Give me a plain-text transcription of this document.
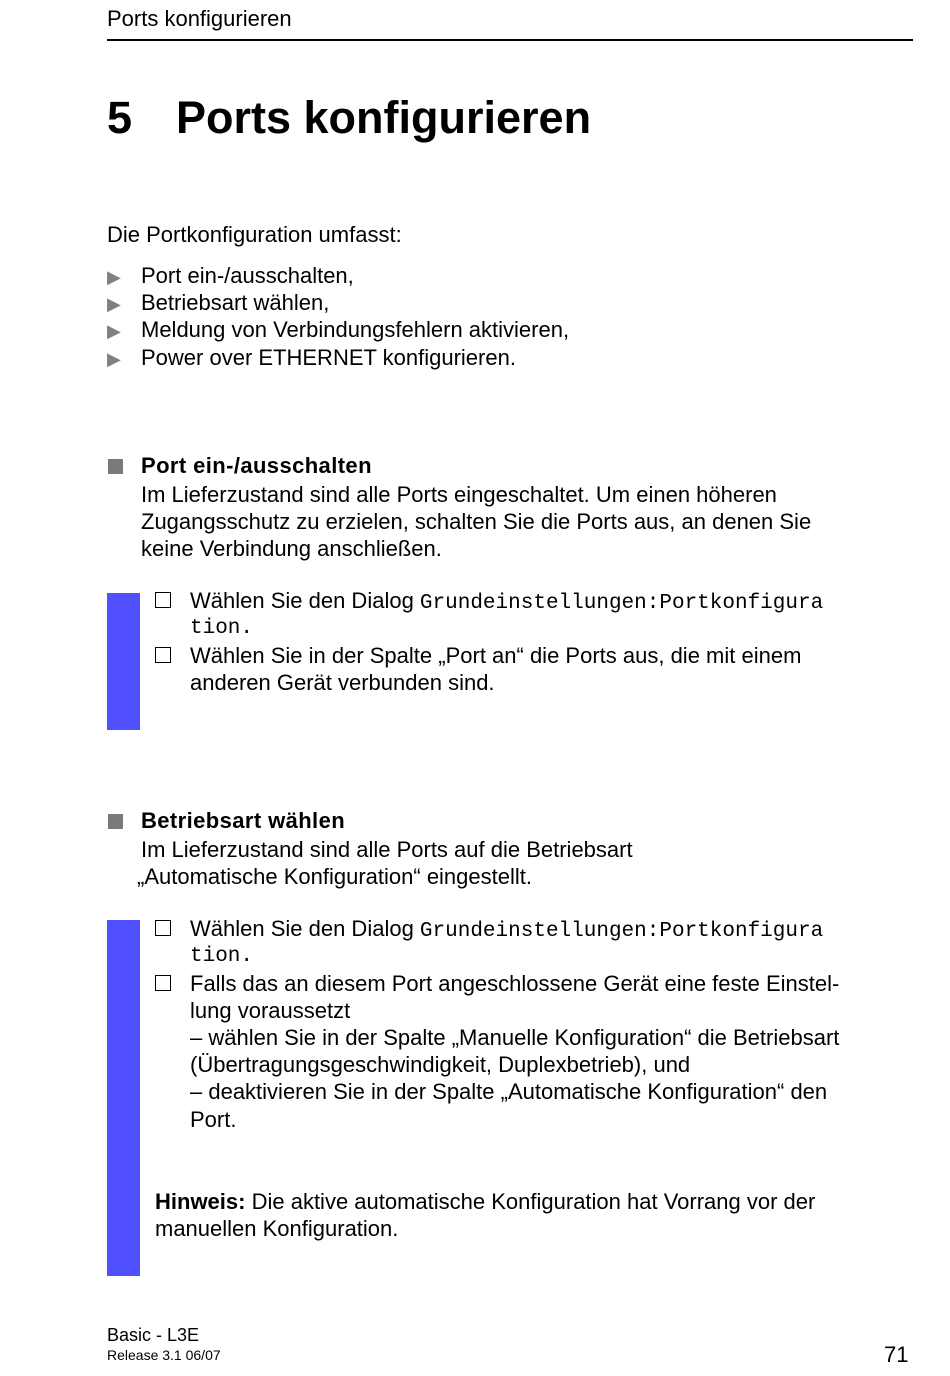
Ports konfigurieren
5 Ports konfigurieren
Die Portkonfiguration umfasst:
▶ Port ein-/ausschalten,
▶ Betriebsart wählen,
▶ Meldung von Verbindungsfehlern aktivieren,
▶ Power over ETHERNET konfigurieren.
Port ein-/ausschalten
Im Lieferzustand sind alle Ports eingeschaltet. Um einen höheren
Zugangsschutz zu erzielen, schalten Sie die Ports aus, an denen Sie
keine Verbindung anschließen.
Wählen Sie den Dialog Grundeinstellungen:Portkonfigura
tion.
Wählen Sie in der Spalte „Port an“ die Ports aus, die mit einem
anderen Gerät verbunden sind.
Betriebsart wählen
Im Lieferzustand sind alle Ports auf die Betriebsart
„Automatische Konfiguration“ eingestellt.
Wählen Sie den Dialog Grundeinstellungen:Portkonfigura
tion.
Falls das an diesem Port angeschlossene Gerät eine feste Einstel-
lung voraussetzt
– wählen Sie in der Spalte „Manuelle Konfiguration“ die Betriebsart
(Übertragungsgeschwindigkeit, Duplexbetrieb), und
– deaktivieren Sie in der Spalte „Automatische Konfiguration“ den
Port.
Hinweis: Die aktive automatische Konfiguration hat Vorrang vor der
manuellen Konfiguration.
Basic - L3E
Release 3.1 06/07	71
